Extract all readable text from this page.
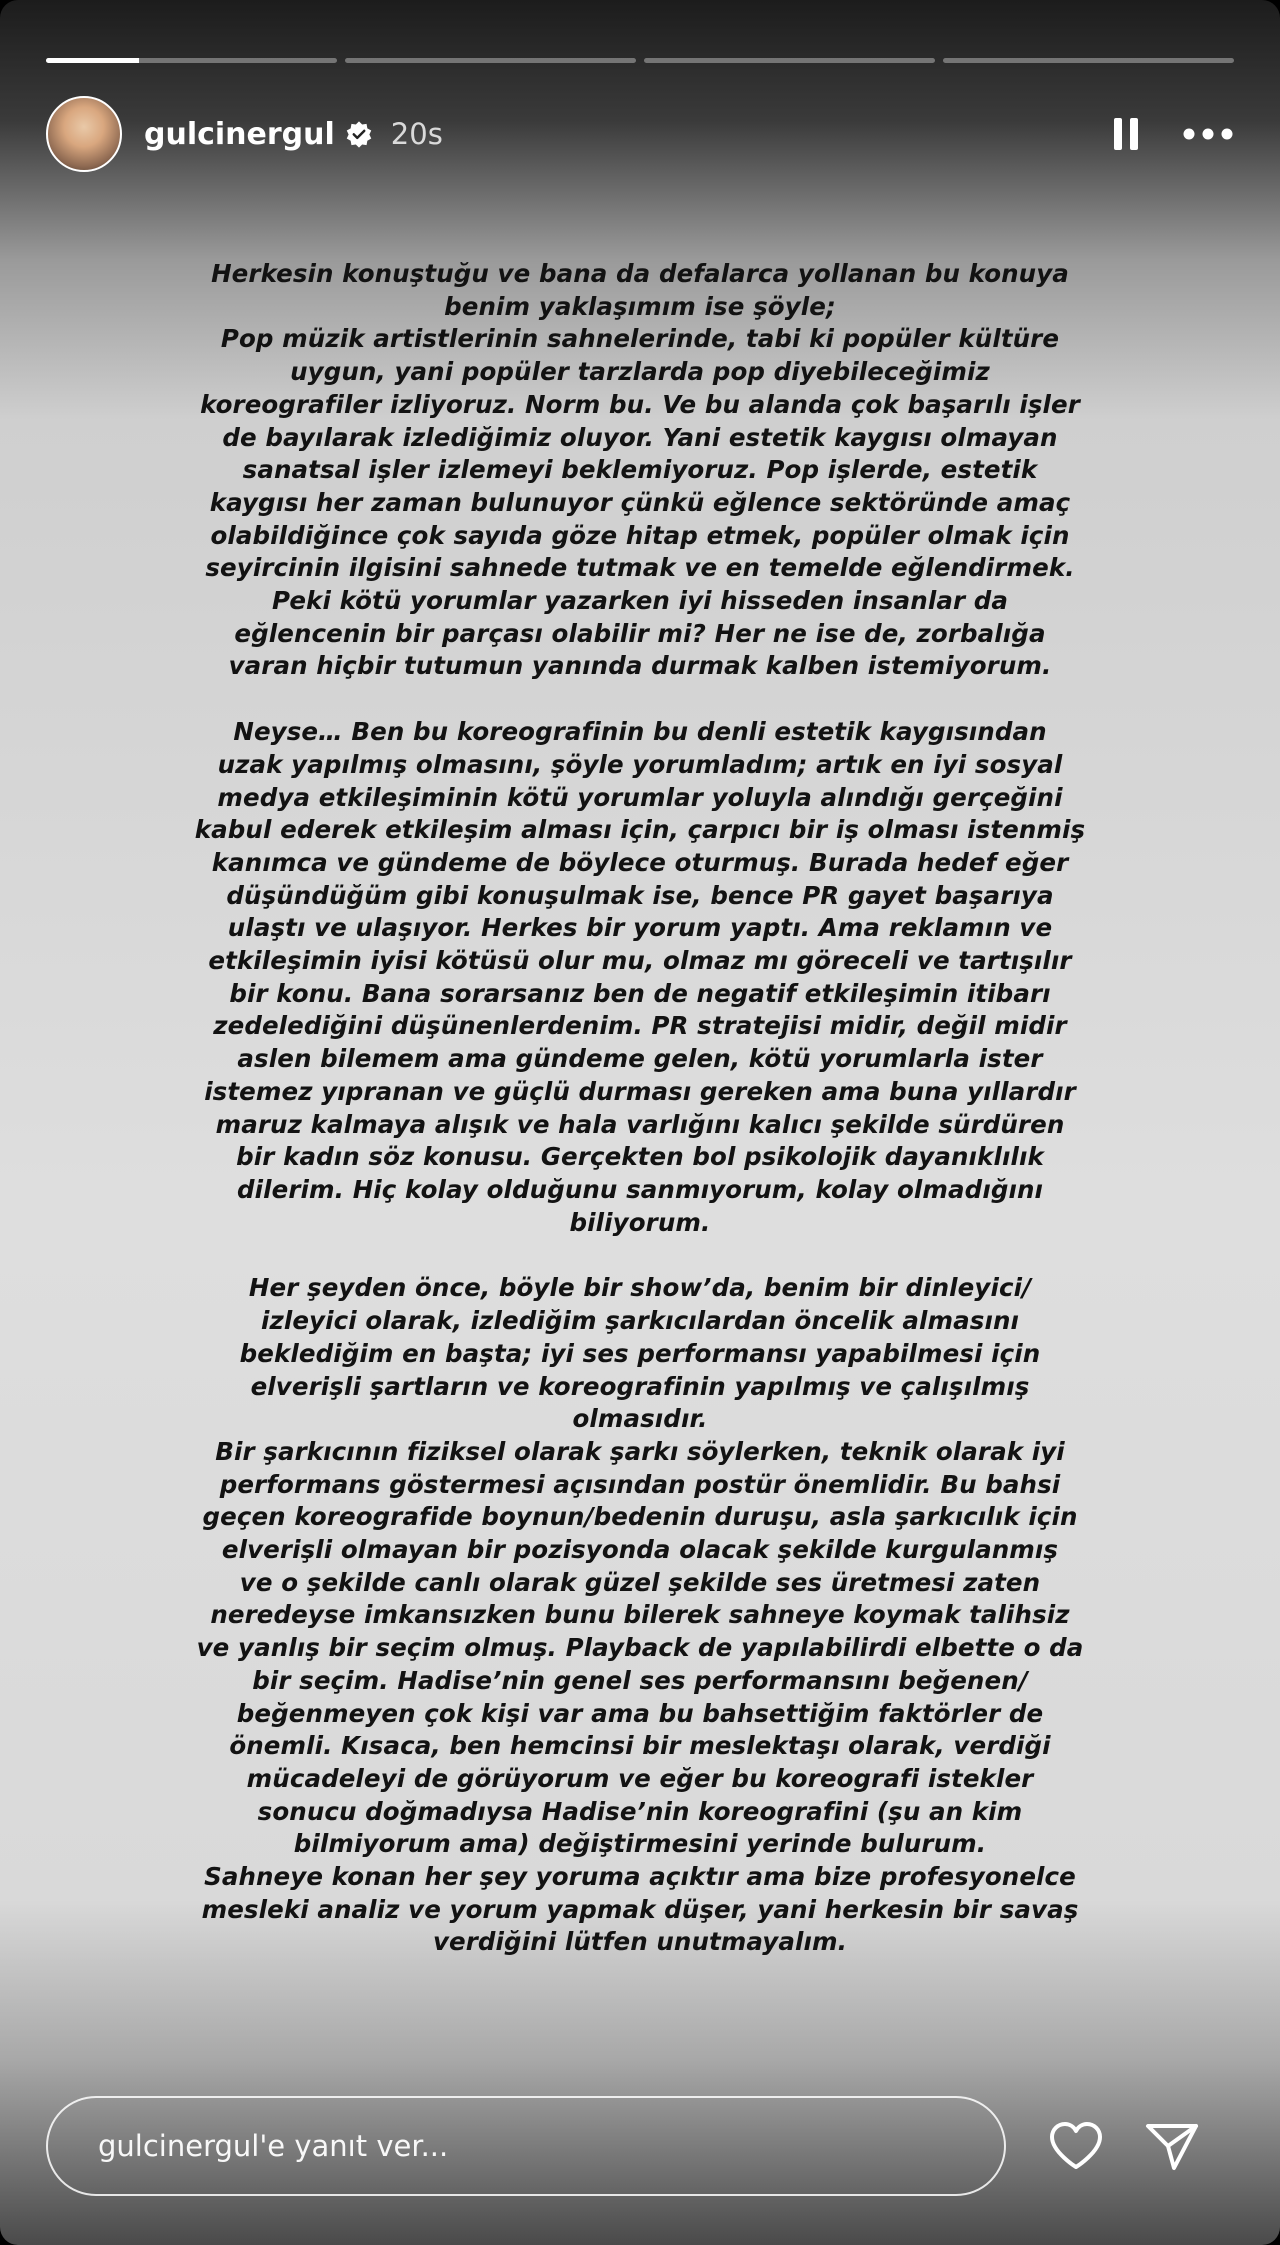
gulcinergul 20s

Herkesin konuştuğu ve bana da defalarca yollanan bu konuya
benim yaklaşımım ise şöyle;
Pop müzik artistlerinin sahnelerinde, tabi ki popüler kültüre
uygun, yani popüler tarzlarda pop diyebileceğimiz
koreografiler izliyoruz. Norm bu. Ve bu alanda çok başarılı işler
de bayılarak izlediğimiz oluyor. Yani estetik kaygısı olmayan
sanatsal işler izlemeyi beklemiyoruz. Pop işlerde, estetik
kaygısı her zaman bulunuyor çünkü eğlence sektöründe amaç
olabildiğince çok sayıda göze hitap etmek, popüler olmak için
seyircinin ilgisini sahnede tutmak ve en temelde eğlendirmek.
Peki kötü yorumlar yazarken iyi hisseden insanlar da
eğlencenin bir parçası olabilir mi? Her ne ise de, zorbalığa
varan hiçbir tutumun yanında durmak kalben istemiyorum.

Neyse… Ben bu koreografinin bu denli estetik kaygısından
uzak yapılmış olmasını, şöyle yorumladım; artık en iyi sosyal
medya etkileşiminin kötü yorumlar yoluyla alındığı gerçeğini
kabul ederek etkileşim alması için, çarpıcı bir iş olması istenmiş
kanımca ve gündeme de böylece oturmuş. Burada hedef eğer
düşündüğüm gibi konuşulmak ise, bence PR gayet başarıya
ulaştı ve ulaşıyor. Herkes bir yorum yaptı. Ama reklamın ve
etkileşimin iyisi kötüsü olur mu, olmaz mı göreceli ve tartışılır
bir konu. Bana sorarsanız ben de negatif etkileşimin itibarı
zedelediğini düşünenlerdenim. PR stratejisi midir, değil midir
aslen bilemem ama gündeme gelen, kötü yorumlarla ister
istemez yıpranan ve güçlü durması gereken ama buna yıllardır
maruz kalmaya alışık ve hala varlığını kalıcı şekilde sürdüren
bir kadın söz konusu. Gerçekten bol psikolojik dayanıklılık
dilerim. Hiç kolay olduğunu sanmıyorum, kolay olmadığını
biliyorum.

Her şeyden önce, böyle bir show’da, benim bir dinleyici/
izleyici olarak, izlediğim şarkıcılardan öncelik almasını
beklediğim en başta; iyi ses performansı yapabilmesi için
elverişli şartların ve koreografinin yapılmış ve çalışılmış
olmasıdır.
Bir şarkıcının fiziksel olarak şarkı söylerken, teknik olarak iyi
performans göstermesi açısından postür önemlidir. Bu bahsi
geçen koreografide boynun/bedenin duruşu, asla şarkıcılık için
elverişli olmayan bir pozisyonda olacak şekilde kurgulanmış
ve o şekilde canlı olarak güzel şekilde ses üretmesi zaten
neredeyse imkansızken bunu bilerek sahneye koymak talihsiz
ve yanlış bir seçim olmuş. Playback de yapılabilirdi elbette o da
bir seçim. Hadise’nin genel ses performansını beğenen/
beğenmeyen çok kişi var ama bu bahsettiğim faktörler de
önemli. Kısaca, ben hemcinsi bir meslektaşı olarak, verdiği
mücadeleyi de görüyorum ve eğer bu koreografi istekler
sonucu doğmadıysa Hadise’nin koreografini (şu an kim
bilmiyorum ama) değiştirmesini yerinde bulurum.
Sahneye konan her şey yoruma açıktır ama bize profesyonelce
mesleki analiz ve yorum yapmak düşer, yani herkesin bir savaş
verdiğini lütfen unutmayalım.

gulcinergul'e yanıt ver...
